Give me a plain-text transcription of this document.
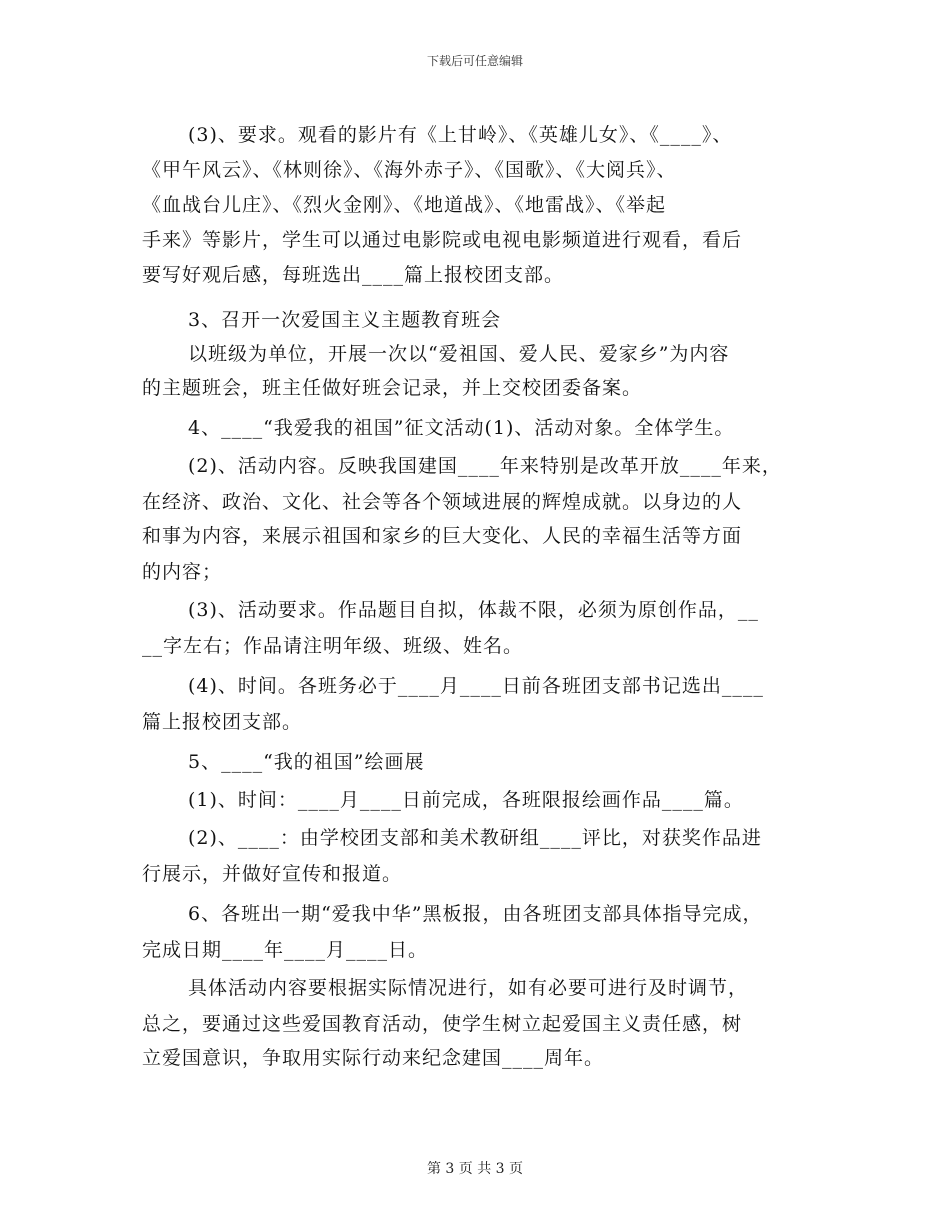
下载后可任意编辑
(3)、要求。观看的影片有《上甘岭》、《英雄儿女》、《____》、
《甲午风云》、《林则徐》、《海外赤子》、《国歌》、《大阅兵》、
《血战台儿庄》、《烈火金刚》、《地道战》、《地雷战》、《举起
手来》等影片，学生可以通过电影院或电视电影频道进行观看，看后
要写好观后感，每班选出____篇上报校团支部。
3、召开一次爱国主义主题教育班会
以班级为单位，开展一次以“爱祖国、爱人民、爱家乡”为内容
的主题班会，班主任做好班会记录，并上交校团委备案。
4、____“我爱我的祖国”征文活动(1)、活动对象。全体学生。
(2)、活动内容。反映我国建国____年来特别是改革开放____年来，
在经济、政治、文化、社会等各个领域进展的辉煌成就。以身边的人
和事为内容，来展示祖国和家乡的巨大变化、人民的幸福生活等方面
的内容；
(3)、活动要求。作品题目自拟，体裁不限，必须为原创作品，__
__字左右；作品请注明年级、班级、姓名。
(4)、时间。各班务必于____月____日前各班团支部书记选出____
篇上报校团支部。
5、____“我的祖国”绘画展
(1)、时间：____月____日前完成，各班限报绘画作品____篇。
(2)、____：由学校团支部和美术教研组____评比，对获奖作品进
行展示，并做好宣传和报道。
6、各班出一期“爱我中华”黑板报，由各班团支部具体指导完成，
完成日期____年____月____日。
具体活动内容要根据实际情况进行，如有必要可进行及时调节，
总之，要通过这些爱国教育活动，使学生树立起爱国主义责任感，树
立爱国意识，争取用实际行动来纪念建国____周年。
第 3 页 共 3 页
